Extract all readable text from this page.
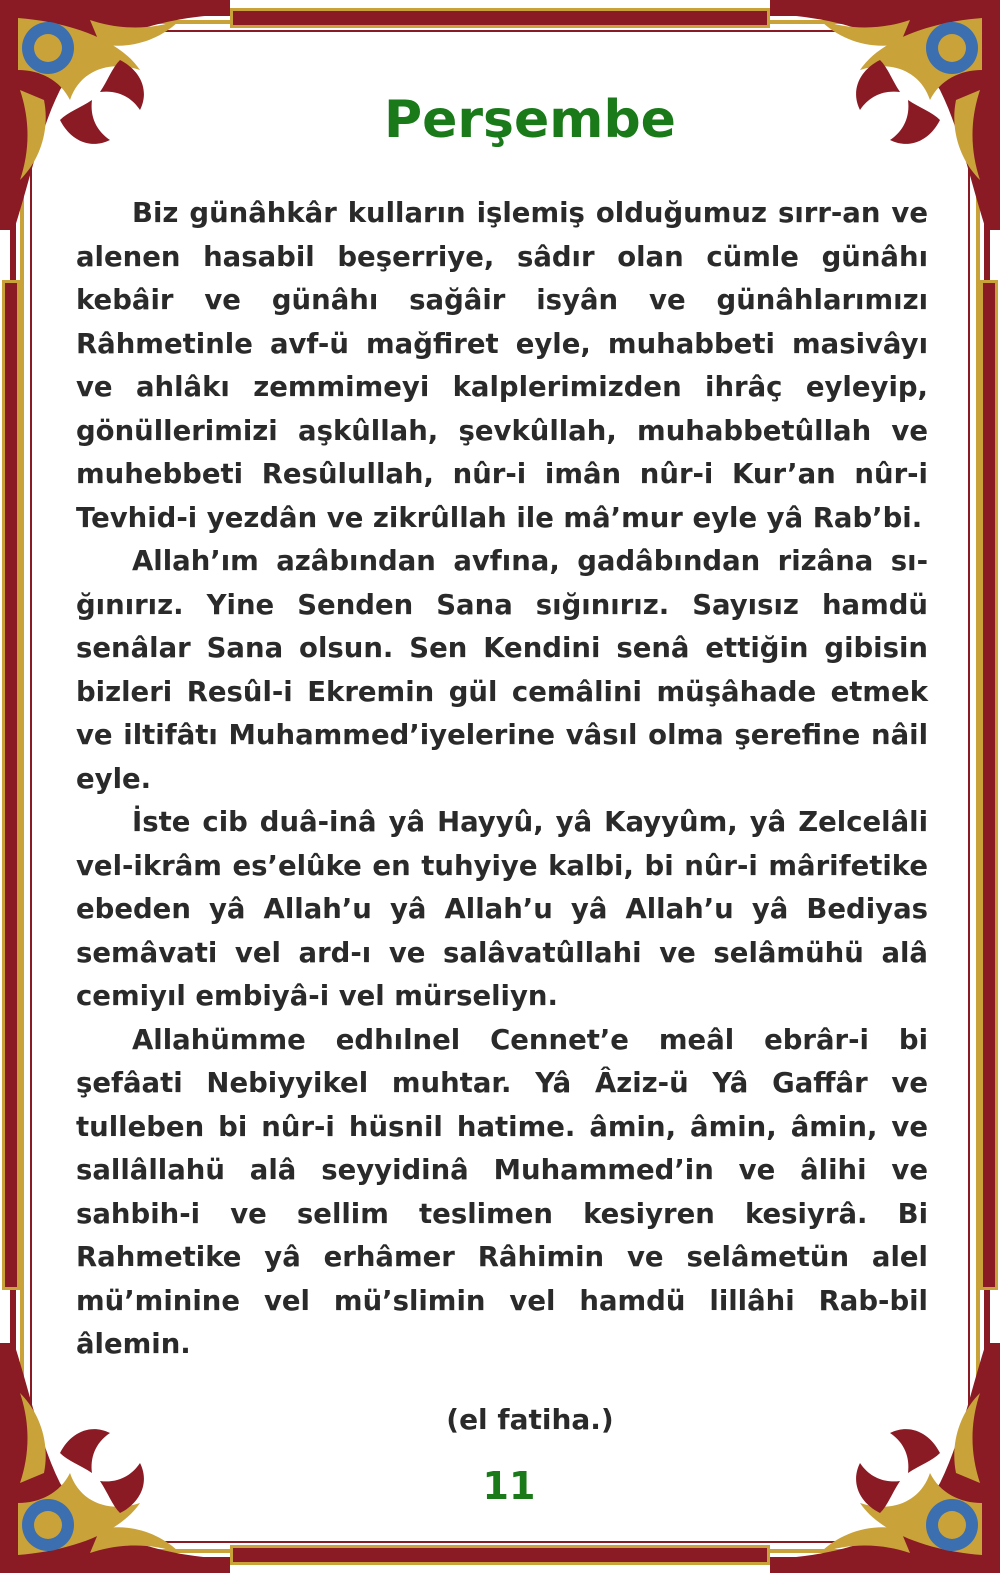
Perşembe

Biz günâhkâr kulların işlemiş olduğumuz sırr-an ve alenen hasabil beşerriye, sâdır olan cümle günâhı kebâir ve günâhı sağâir isyân ve günâhlarımızı Râhmetinle avf-ü mağfiret eyle, muhabbeti masivâyı ve ahlâkı zemmimeyi kalplerimizden ihrâç eyleyip, gönüllerimizi aşkûllah, şevkûllah, muhabbetûllah ve muhebbeti Resûlullah, nûr-i imân nûr-i Kur’an nûr-i Tevhid-i yezdân ve zikrûllah ile mâ’mur eyle yâ Rab’bi.

Allah’ım azâbından avfına, gadâbından rizâna sı-ğınırız. Yine Senden Sana sığınırız. Sayısız hamdü senâlar Sana olsun. Sen Kendini senâ ettiğin gibisin bizleri Resûl-i Ekremin gül cemâlini müşâhade etmek ve iltifâtı Muhammed’iyelerine vâsıl olma şerefine nâil eyle.

İste cib duâ-inâ yâ Hayyû, yâ Kayyûm, yâ Zelcelâli vel-ikrâm es’elûke en tuhyiye kalbi, bi nûr-i mârifetike ebeden yâ Allah’u yâ Allah’u yâ Allah’u yâ Bediyas semâvati vel ard-ı ve salâvatûllahi ve selâmühü alâ cemiyıl embiyâ-i vel mürseliyn.

Allahümme edhılnel Cennet’e meâl ebrâr-i bi şefâati Nebiyyikel muhtar. Yâ Âziz-ü Yâ Gaffâr ve tulleben bi nûr-i hüsnil hatime. âmin, âmin, âmin, ve sallâllahü alâ seyyidinâ Muhammed’in ve âlihi ve sahbih-i ve sellim teslimen kesiyren kesiyrâ. Bi Rahmetike yâ erhâmer Râhimin ve selâmetün alel mü’minine vel mü’slimin vel hamdü lillâhi Rab-bil âlemin.

(el fatiha.)
11
